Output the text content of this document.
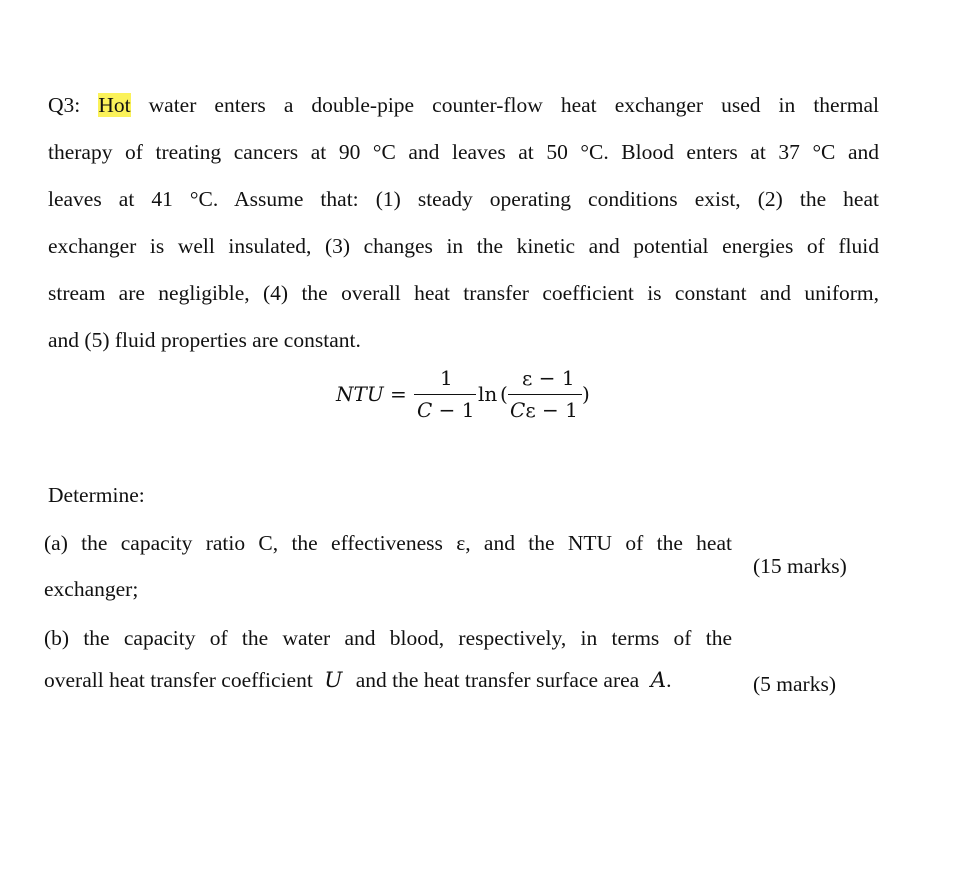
Q3: Hot water enters a double-pipe counter-flow heat exchanger used in thermal
therapy of treating cancers at 90 °C and leaves at 50 °C. Blood enters at 37 °C and
leaves at 41 °C. Assume that: (1) steady operating conditions exist, (2) the heat
exchanger is well insulated, (3) changes in the kinetic and potential energies of fluid
stream are negligible, (4) the overall heat transfer coefficient is constant and uniform,
and (5) fluid properties are constant.
NTU =
1
C − 1
ln (
ε − 1
Cε − 1
)
Determine:
(a) the capacity ratio C, the effectiveness ε, and the NTU of the heat
exchanger;
(15 marks)
(b) the capacity of the water and blood, respectively, in terms of the
overall heat transfer coefficient U and the heat transfer surface area A.	(5 marks)
